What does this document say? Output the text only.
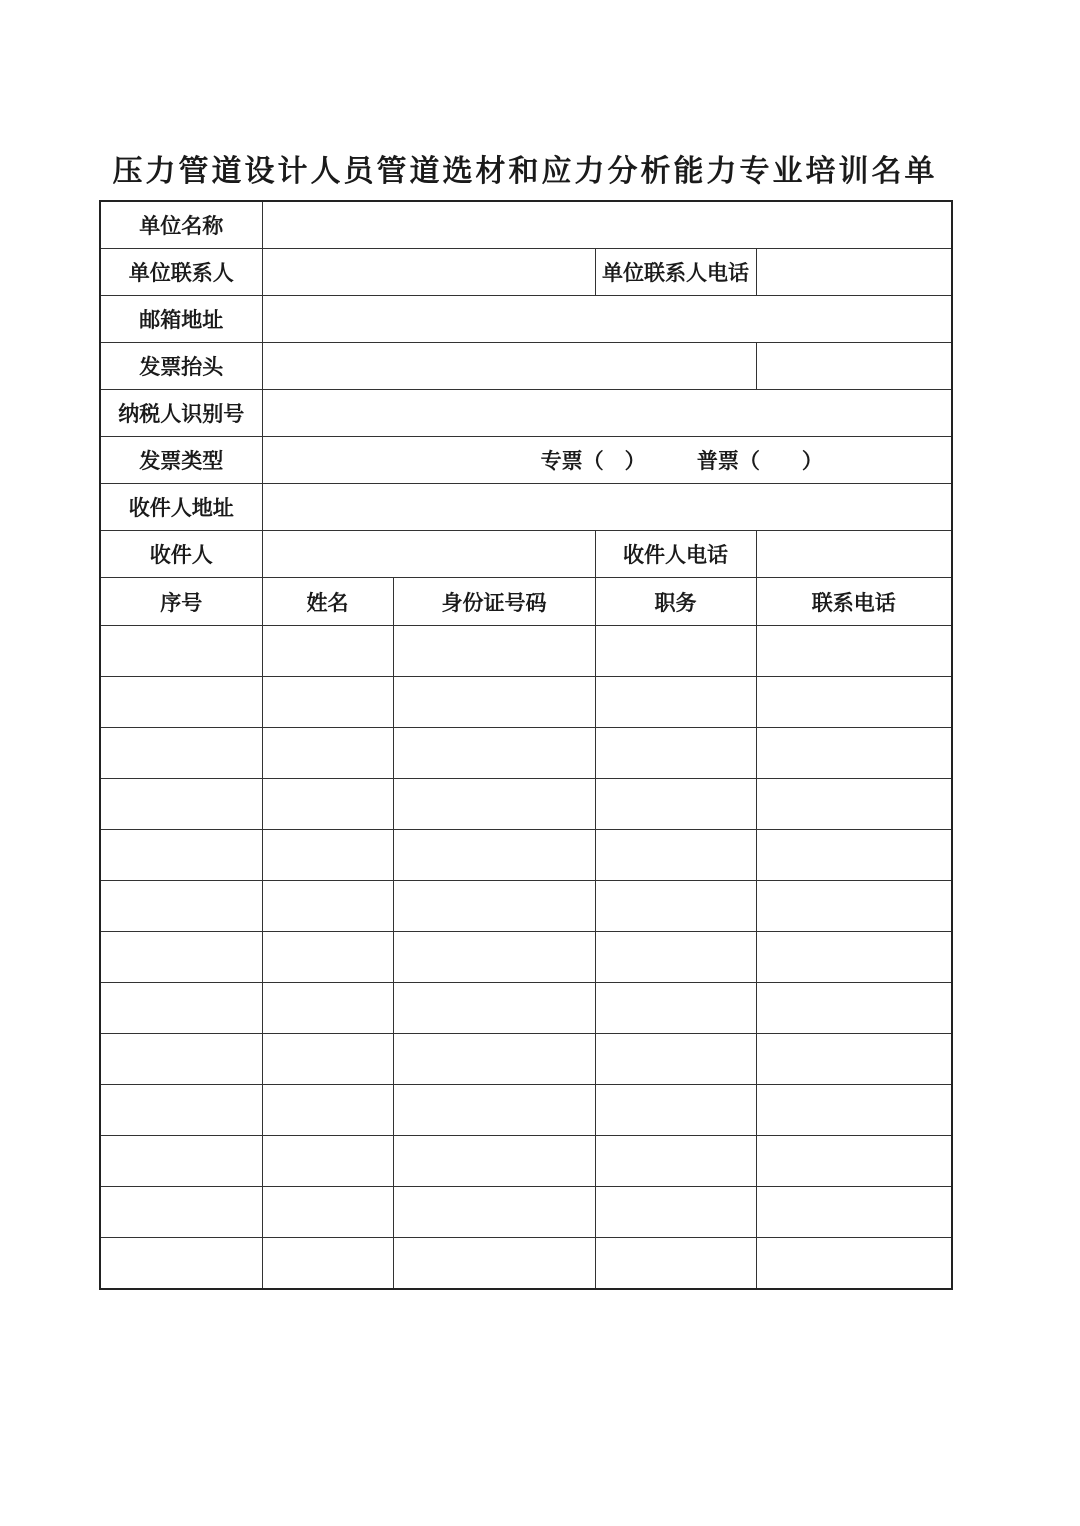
压力管道设计人员管道选材和应力分析能力专业培训名单
单位名称				
单位联系人			单位联系人电话	
邮箱地址				
发票抬头				
纳税人识别号				
发票类型	专票（　） 普票（　　）			
收件人地址				
收件人			收件人电话	
序号	姓名	身份证号码	职务	联系电话
